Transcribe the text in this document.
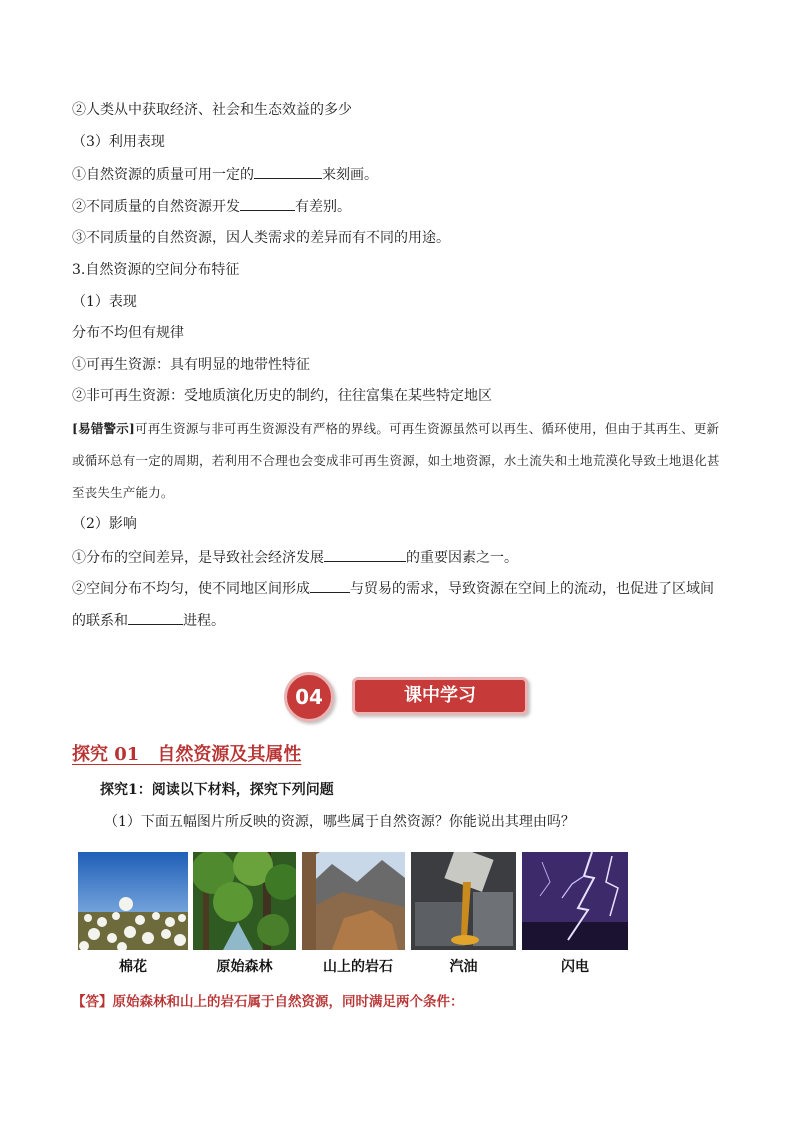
②人类从中获取经济、社会和生态效益的多少
（3）利用表现
①自然资源的质量可用一定的	来刻画。
②不同质量的自然资源开发	有差别。
③不同质量的自然资源，因人类需求的差异而有不同的用途。
3.自然资源的空间分布特征
（1）表现
分布不均但有规律
①可再生资源：具有明显的地带性特征
②非可再生资源：受地质演化历史的制约，往往富集在某些特定地区
[易错警示]可再生资源与非可再生资源没有严格的界线。可再生资源虽然可以再生、循环使用，但由于其再生、更新或循环总有一定的周期，若利用不合理也会变成非可再生资源，如土地资源，水土流失和土地荒漠化导致土地退化甚至丧失生产能力。
（2）影响
①分布的空间差异，是导致社会经济发展	的重要因素之一。
②空间分布不均匀，使不同地区间形成	与贸易的需求，导致资源在空间上的流动，也促进了区域间
的联系和	进程。
04	课中学习
探究 01　自然资源及其属性
探究1：阅读以下材料，探究下列问题
（1）下面五幅图片所反映的资源，哪些属于自然资源？你能说出其理由吗？
棉花	原始森林	山上的岩石	汽油	闪电
【答】原始森林和山上的岩石属于自然资源，同时满足两个条件：
